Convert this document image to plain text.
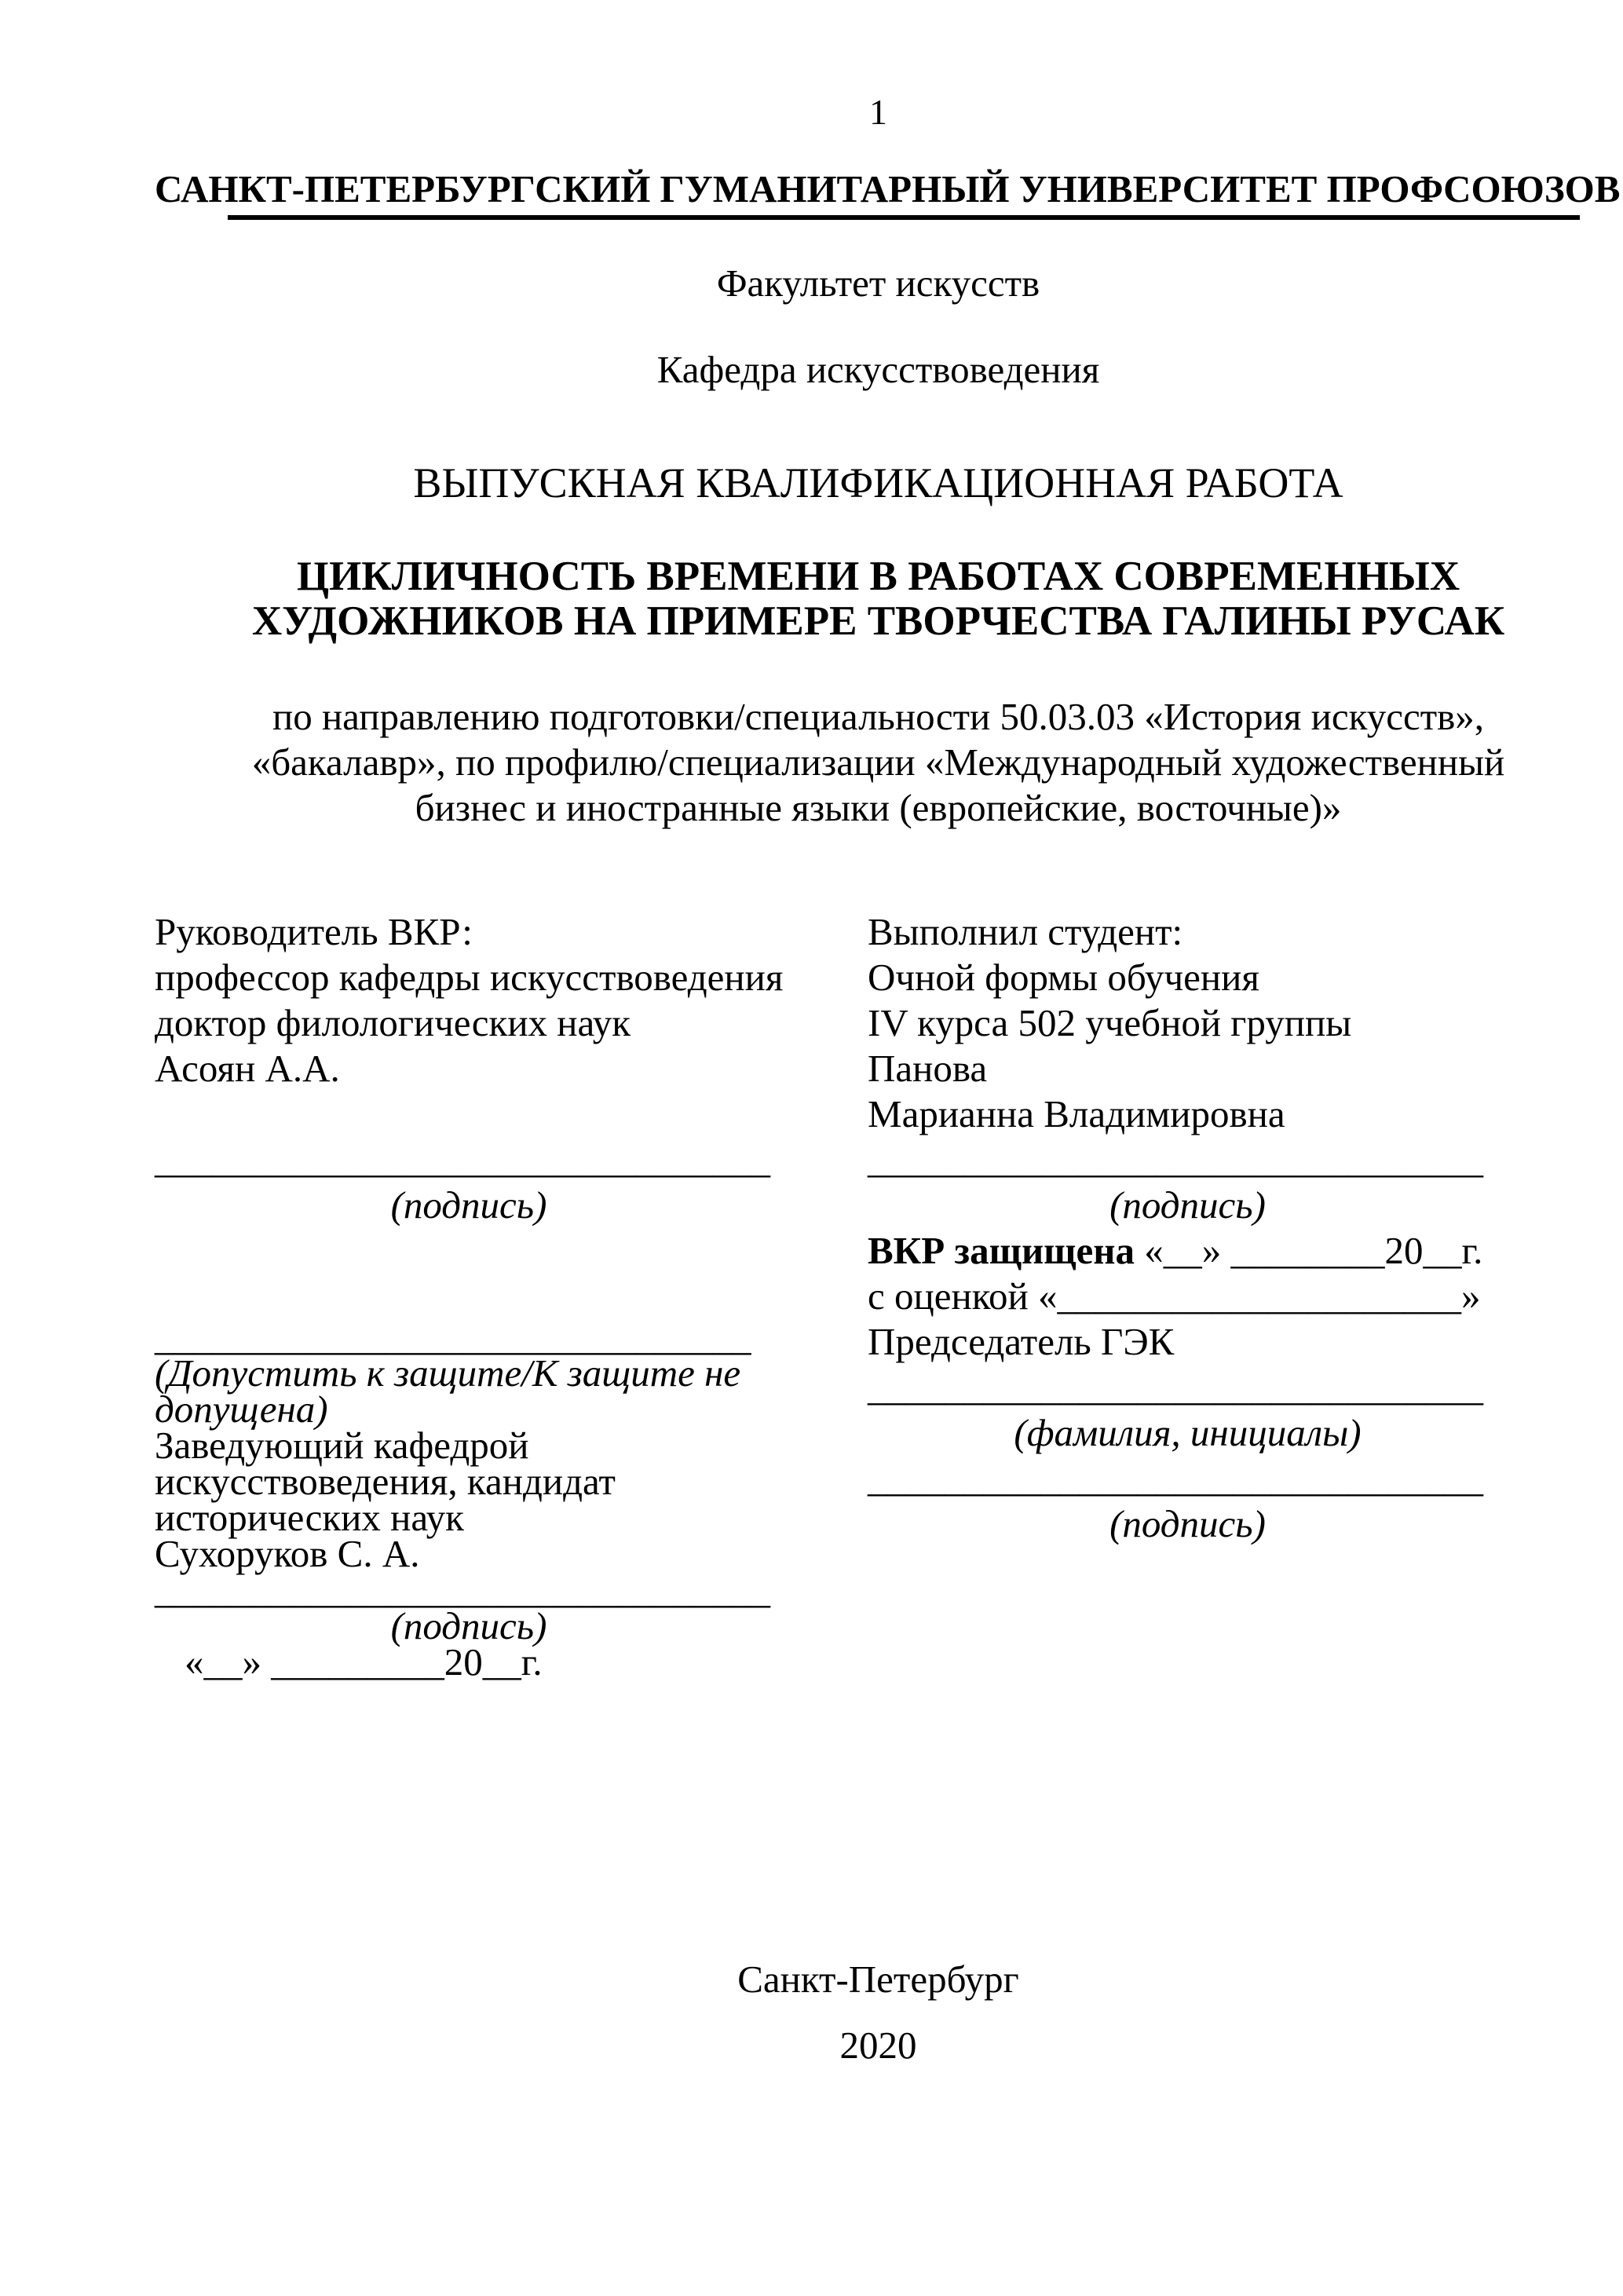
1
САНКТ-ПЕТЕРБУРГСКИЙ ГУМАНИТАРНЫЙ УНИВЕРСИТЕТ ПРОФСОЮЗОВ
Факультет искусств
Кафедра искусствоведения
ВЫПУСКНАЯ КВАЛИФИКАЦИОННАЯ РАБОТА
ЦИКЛИЧНОСТЬ ВРЕМЕНИ В РАБОТАХ СОВРЕМЕННЫХ
ХУДОЖНИКОВ НА ПРИМЕРЕ ТВОРЧЕСТВА ГАЛИНЫ РУСАК
по направлению подготовки/специальности 50.03.03 «История искусств»,
«бакалавр», по профилю/специализации «Международный художественный
бизнес и иностранные языки (европейские, восточные)»
Руководитель ВКР:
профессор кафедры искусствоведения
доктор филологических наук
Асоян А.А.
________________________________
(подпись)
_______________________________
(Допустить к защите/К защите не допущена)
Заведующий кафедрой
искусствоведения, кандидат
исторических наук
Сухоруков С. А.
________________________________
(подпись)
«__» _________20__г.
Выполнил студент:
Очной формы обучения
IV курса 502 учебной группы
Панова
Марианна Владимировна
________________________________
(подпись)
ВКР защищена «__» ________20__г.
с оценкой «_____________________»
Председатель ГЭК
________________________________
(фамилия, инициалы)
________________________________
(подпись)
Санкт-Петербург
2020
